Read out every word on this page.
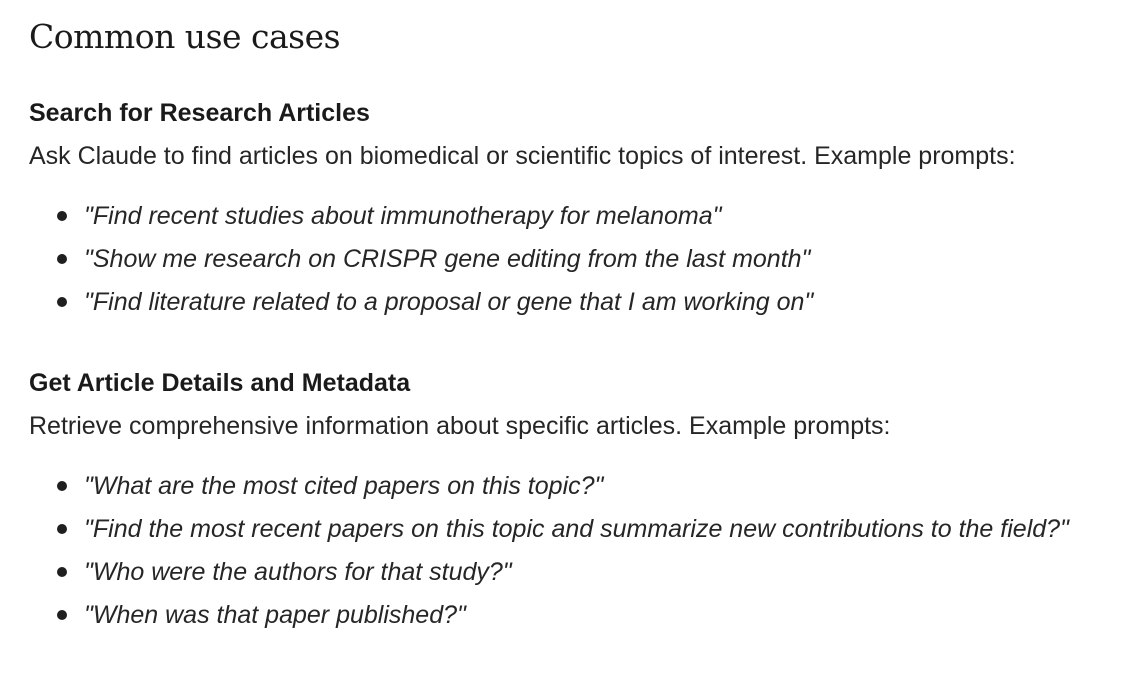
Common use cases
Search for Research Articles

Ask Claude to find articles on biomedical or scientific topics of interest. Example prompts:

"Find recent studies about immunotherapy for melanoma"
"Show me research on CRISPR gene editing from the last month"
"Find literature related to a proposal or gene that I am working on"
Get Article Details and Metadata

Retrieve comprehensive information about specific articles. Example prompts:

"What are the most cited papers on this topic?"
"Find the most recent papers on this topic and summarize new contributions to the field?"
"Who were the authors for that study?"
"When was that paper published?"
